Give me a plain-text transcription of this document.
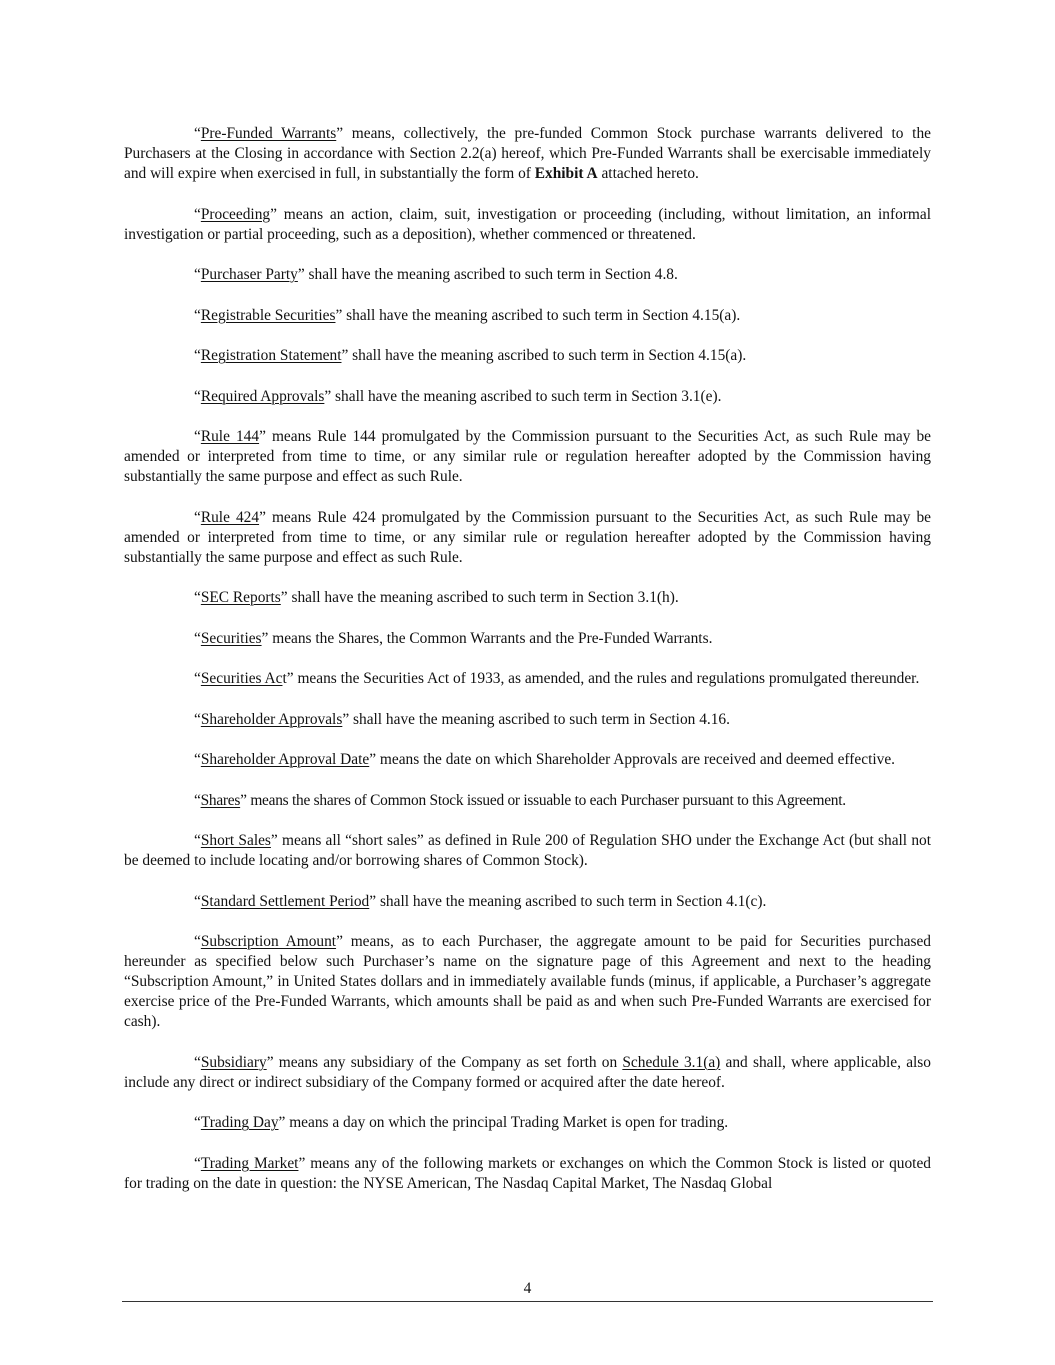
“Pre-Funded Warrants” means, collectively, the pre-funded Common Stock purchase warrants delivered to the Purchasers at the Closing in accordance with Section 2.2(a) hereof, which Pre-Funded Warrants shall be exercisable immediately and will expire when exercised in full, in substantially the form of Exhibit A attached hereto.

“Proceeding” means an action, claim, suit, investigation or proceeding (including, without limitation, an informal investigation or partial proceeding, such as a deposition), whether commenced or threatened.

“Purchaser Party” shall have the meaning ascribed to such term in Section 4.8.

“Registrable Securities” shall have the meaning ascribed to such term in Section 4.15(a).

“Registration Statement” shall have the meaning ascribed to such term in Section 4.15(a).

“Required Approvals” shall have the meaning ascribed to such term in Section 3.1(e).

“Rule 144” means Rule 144 promulgated by the Commission pursuant to the Securities Act, as such Rule may be amended or interpreted from time to time, or any similar rule or regulation hereafter adopted by the Commission having substantially the same purpose and effect as such Rule.

“Rule 424” means Rule 424 promulgated by the Commission pursuant to the Securities Act, as such Rule may be amended or interpreted from time to time, or any similar rule or regulation hereafter adopted by the Commission having substantially the same purpose and effect as such Rule.

“SEC Reports” shall have the meaning ascribed to such term in Section 3.1(h).

“Securities” means the Shares, the Common Warrants and the Pre-Funded Warrants.

“Securities Act” means the Securities Act of 1933, as amended, and the rules and regulations promulgated thereunder.

“Shareholder Approvals” shall have the meaning ascribed to such term in Section 4.16.

“Shareholder Approval Date” means the date on which Shareholder Approvals are received and deemed effective.

“Shares” means the shares of Common Stock issued or issuable to each Purchaser pursuant to this Agreement.

“Short Sales” means all “short sales” as defined in Rule 200 of Regulation SHO under the Exchange Act (but shall not be deemed to include locating and/or borrowing shares of Common Stock).

“Standard Settlement Period” shall have the meaning ascribed to such term in Section 4.1(c).

“Subscription Amount” means, as to each Purchaser, the aggregate amount to be paid for Securities purchased hereunder as specified below such Purchaser’s name on the signature page of this Agreement and next to the heading “Subscription Amount,” in United States dollars and in immediately available funds (minus, if applicable, a Purchaser’s aggregate exercise price of the Pre-Funded Warrants, which amounts shall be paid as and when such Pre-Funded Warrants are exercised for cash).

“Subsidiary” means any subsidiary of the Company as set forth on Schedule 3.1(a) and shall, where applicable, also include any direct or indirect subsidiary of the Company formed or acquired after the date hereof.

“Trading Day” means a day on which the principal Trading Market is open for trading.

“Trading Market” means any of the following markets or exchanges on which the Common Stock is listed or quoted for trading on the date in question: the NYSE American, The Nasdaq Capital Market, The Nasdaq Global

4
